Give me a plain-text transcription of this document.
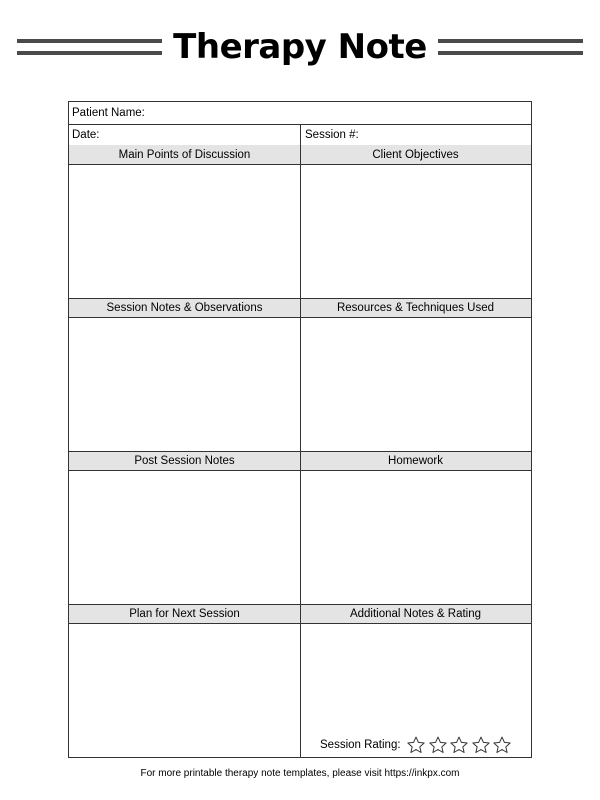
Therapy Note
Patient Name:
Date:	Session #:
Main Points of Discussion	Client Objectives
Session Notes & Observations	Resources & Techniques Used
Post Session Notes	Homework
Plan for Next Session	Additional Notes & Rating
Session Rating:
For more printable therapy note templates, please visit https://inkpx.com
